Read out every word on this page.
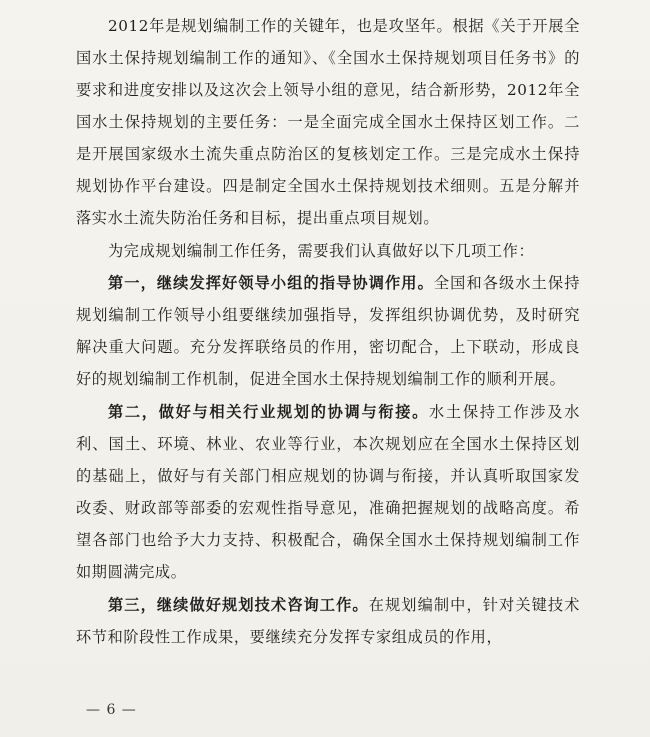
2012年是规划编制工作的关键年，也是攻坚年。根据《关于开展全国水土保持规划编制工作的通知》、《全国水土保持规划项目任务书》的要求和进度安排以及这次会上领导小组的意见，结合新形势，2012年全国水土保持规划的主要任务：一是全面完成全国水土保持区划工作。二是开展国家级水土流失重点防治区的复核划定工作。三是完成水土保持规划协作平台建设。四是制定全国水土保持规划技术细则。五是分解并落实水土流失防治任务和目标，提出重点项目规划。

为完成规划编制工作任务，需要我们认真做好以下几项工作：

第一，继续发挥好领导小组的指导协调作用。全国和各级水土保持规划编制工作领导小组要继续加强指导，发挥组织协调优势，及时研究解决重大问题。充分发挥联络员的作用，密切配合，上下联动，形成良好的规划编制工作机制，促进全国水土保持规划编制工作的顺利开展。

第二，做好与相关行业规划的协调与衔接。水土保持工作涉及水利、国土、环境、林业、农业等行业，本次规划应在全国水土保持区划的基础上，做好与有关部门相应规划的协调与衔接，并认真听取国家发改委、财政部等部委的宏观性指导意见，准确把握规划的战略高度。希望各部门也给予大力支持、积极配合，确保全国水土保持规划编制工作如期圆满完成。

第三，继续做好规划技术咨询工作。在规划编制中，针对关键技术环节和阶段性工作成果，要继续充分发挥专家组成员的作用，

— 6 —
